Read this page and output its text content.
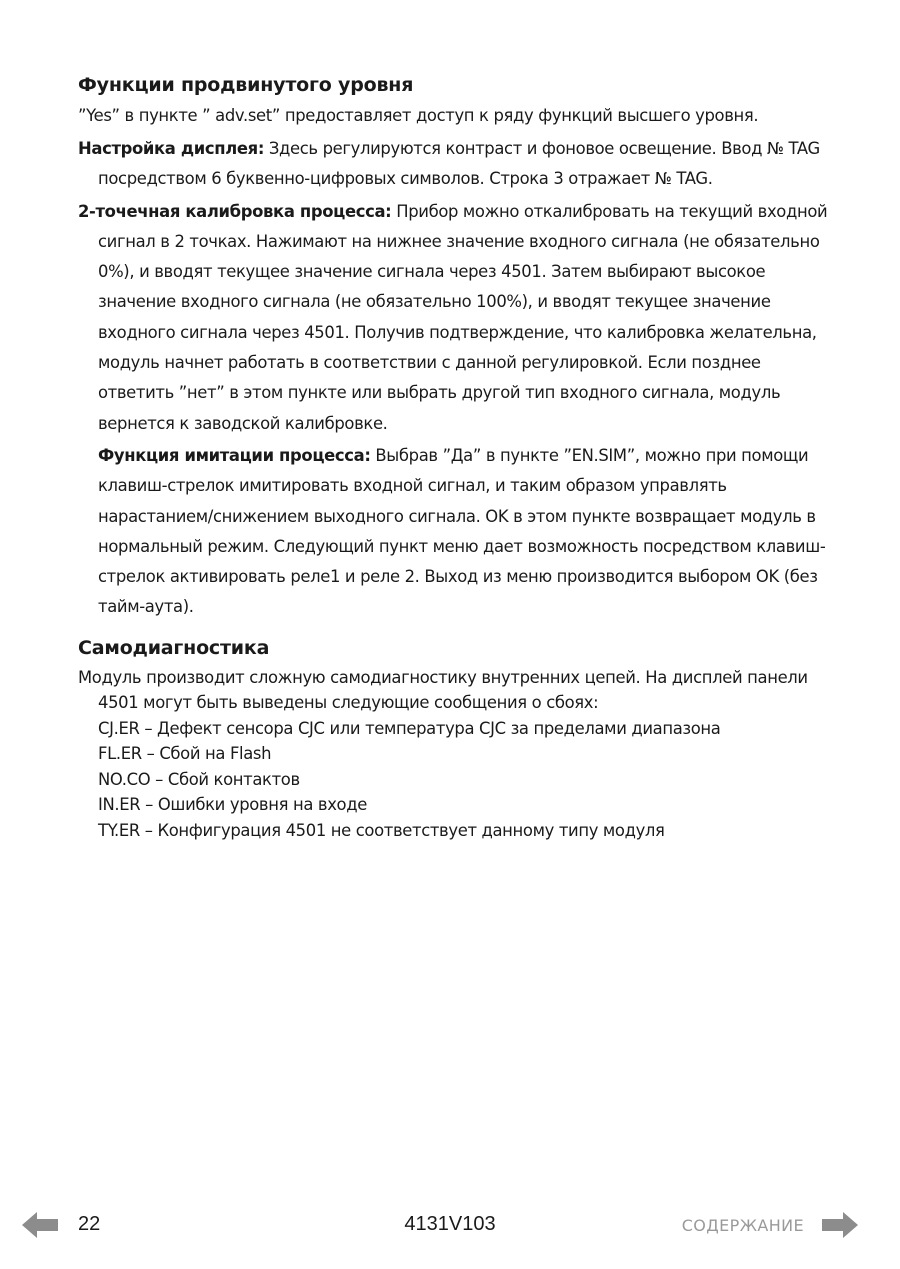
Функции продвинутого уровня

”Yes” в пункте ” adv.set” предоставляет доступ к ряду функций высшего уровня.

Настройка дисплея: Здесь регулируются контраст и фоновое освещение. Ввод № TAG посредством 6 буквенно-цифровых символов. Строка 3 отражает № TAG.

2-точечная калибровка процесса: Прибор можно откалибровать на текущий входной сигнал в 2 точках. Нажимают на нижнее значение входного сигнала (не обязательно 0%), и вводят текущее значение сигнала через 4501. Затем выбирают высокое значение входного сигнала (не обязательно 100%), и вводят текущее значение входного сигнала через 4501. Получив подтверждение, что калибровка желательна, модуль начнет работать в соответствии с данной регулировкой. Если позднее ответить ”нет” в этом пункте или выбрать другой тип входного сигнала, модуль вернется к заводской калибровке.

Функция имитации процесса: Выбрав ”Да” в пункте ”EN.SIM”, можно при помощи клавиш-стрелок имитировать входной сигнал, и таким образом управлять нарастанием/снижением выходного сигнала. OK в этом пункте возвращает модуль в нормальный режим. Следующий пункт меню дает возможность посредством клавиш-стрелок активировать реле1 и реле 2. Выход из меню производится выбором OK (без тайм-аута).

Самодиагностика

Модуль производит сложную самодиагностику внутренних цепей. На дисплей панели 4501 могут быть выведены следующие сообщения о сбоях:

CJ.ER – Дефект сенсора CJC или температура CJC за пределами диапазона
FL.ER – Сбой на Flash
NO.CO – Сбой контактов
IN.ER – Ошибки уровня на входе
TY.ER – Конфигурация 4501 не соответствует данному типу модуля
22	4131V103	СОДЕРЖАНИЕ
